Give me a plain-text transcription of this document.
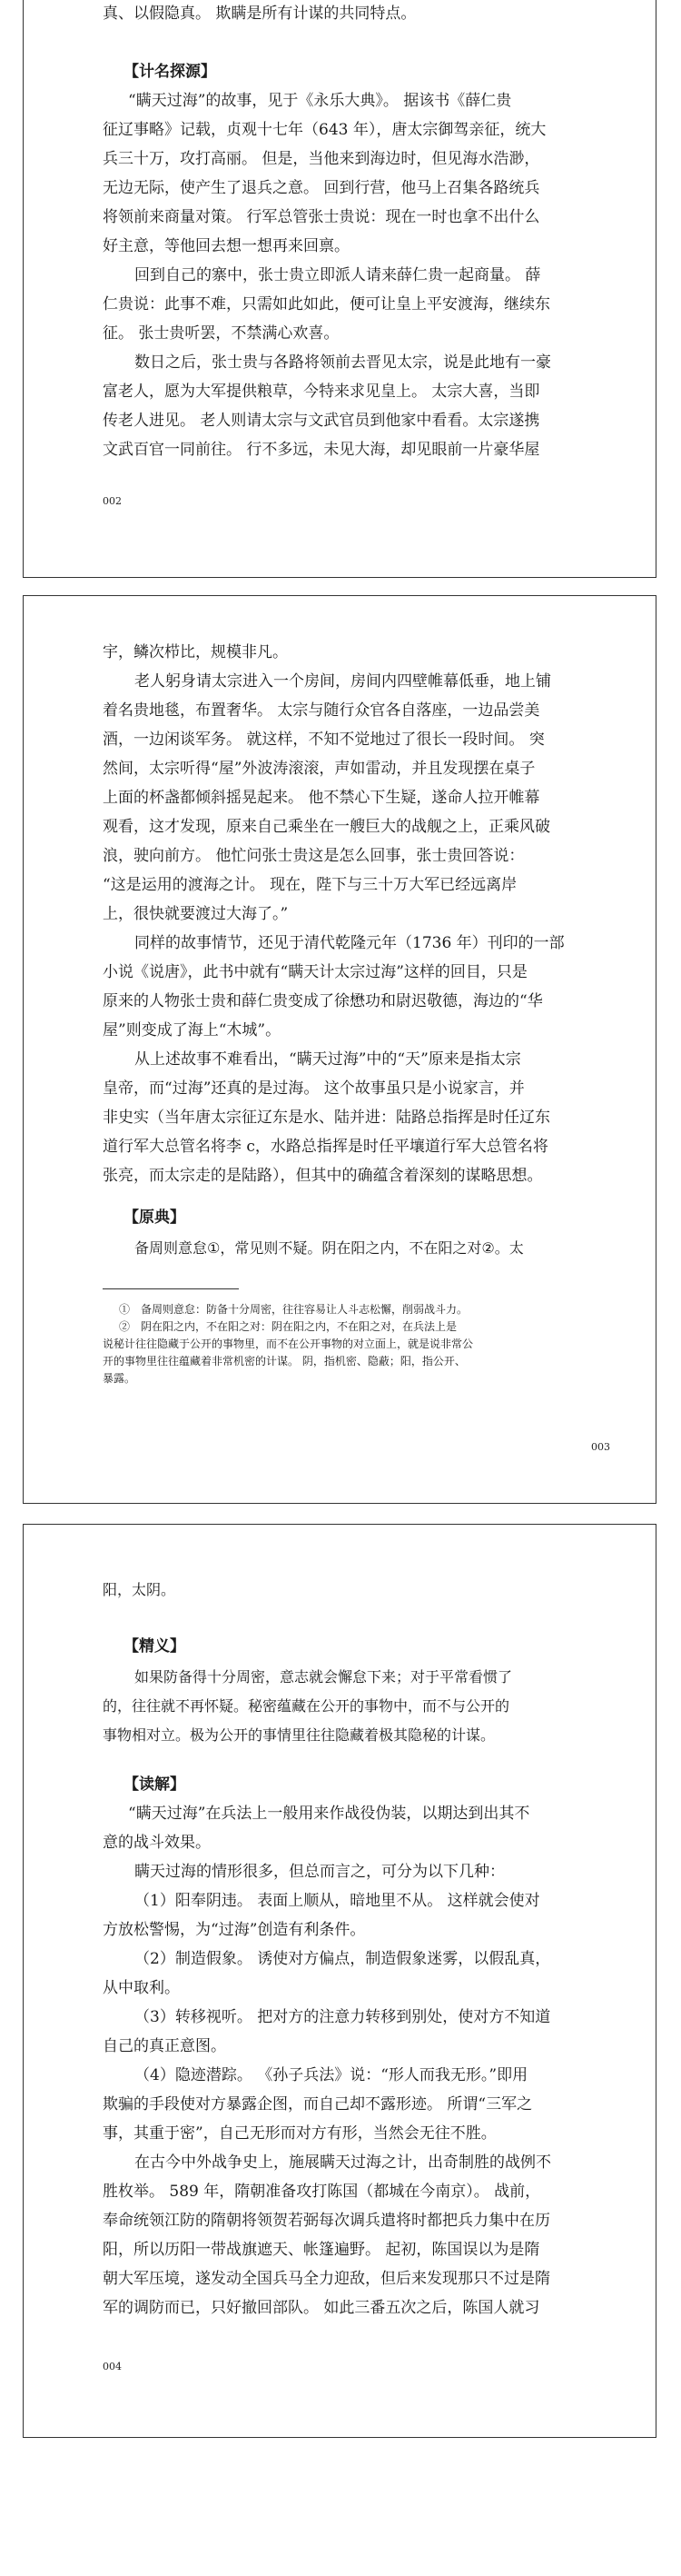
真、以假隐真。 欺瞒是所有计谋的共同特点。
【计名探源】
“瞒天过海”的故事，见于《永乐大典》。 据该书《薛仁贵
征辽事略》记载，贞观十七年（643 年），唐太宗御驾亲征，统大
兵三十万，攻打高丽。 但是，当他来到海边时，但见海水浩渺，
无边无际，使产生了退兵之意。 回到行营，他马上召集各路统兵
将领前来商量对策。 行军总管张士贵说：现在一时也拿不出什么
好主意，等他回去想一想再来回禀。
回到自己的寨中，张士贵立即派人请来薛仁贵一起商量。 薛
仁贵说：此事不难，只需如此如此，便可让皇上平安渡海，继续东
征。 张士贵听罢，不禁满心欢喜。
数日之后，张士贵与各路将领前去晋见太宗，说是此地有一豪
富老人，愿为大军提供粮草，今特来求见皇上。 太宗大喜，当即
传老人进见。 老人则请太宗与文武官员到他家中看看。太宗遂携
文武百官一同前往。 行不多远，未见大海，却见眼前一片豪华屋
002
宇，鳞次栉比，规模非凡。
老人躬身请太宗进入一个房间，房间内四壁帷幕低垂，地上铺
着名贵地毯，布置奢华。 太宗与随行众官各自落座，一边品尝美
酒，一边闲谈军务。 就这样，不知不觉地过了很长一段时间。 突
然间，太宗听得“屋”外波涛滚滚，声如雷动，并且发现摆在桌子
上面的杯盏都倾斜摇晃起来。 他不禁心下生疑，遂命人拉开帷幕
观看，这才发现，原来自己乘坐在一艘巨大的战舰之上，正乘风破
浪，驶向前方。 他忙问张士贵这是怎么回事，张士贵回答说：
“这是运用的渡海之计。 现在，陛下与三十万大军已经远离岸
上，很快就要渡过大海了。”
同样的故事情节，还见于清代乾隆元年（1736 年）刊印的一部
小说《说唐》，此书中就有“瞒天计太宗过海”这样的回目，只是
原来的人物张士贵和薛仁贵变成了徐懋功和尉迟敬德，海边的“华
屋”则变成了海上“木城”。
从上述故事不难看出，“瞒天过海”中的“天”原来是指太宗
皇帝，而“过海”还真的是过海。 这个故事虽只是小说家言，并
非史实（当年唐太宗征辽东是水、陆并进：陆路总指挥是时任辽东
道行军大总管名将李 c，水路总指挥是时任平壤道行军大总管名将
张亮，而太宗走的是陆路），但其中的确蕴含着深刻的谋略思想。
【原典】
备周则意怠①，常见则不疑。阴在阳之内，不在阳之对②。太
①　备周则意怠：防备十分周密，往往容易让人斗志松懈，削弱战斗力。
②　阴在阳之内，不在阳之对：阴在阳之内，不在阳之对，在兵法上是
说秘计往往隐藏于公开的事物里，而不在公开事物的对立面上，就是说非常公
开的事物里往往蕴藏着非常机密的计谋。 阴，指机密、隐蔽；阳，指公开、
暴露。
003
阳，太阴。
【精义】
如果防备得十分周密，意志就会懈怠下来；对于平常看惯了
的，往往就不再怀疑。秘密蕴藏在公开的事物中，而不与公开的
事物相对立。极为公开的事情里往往隐藏着极其隐秘的计谋。
【读解】
“瞒天过海”在兵法上一般用来作战役伪装，以期达到出其不
意的战斗效果。
瞒天过海的情形很多，但总而言之，可分为以下几种：
（1）阳奉阴违。 表面上顺从，暗地里不从。 这样就会使对
方放松警惕，为“过海”创造有利条件。
（2）制造假象。 诱使对方偏点，制造假象迷雾，以假乱真，
从中取利。
（3）转移视听。 把对方的注意力转移到别处，使对方不知道
自己的真正意图。
（4）隐迹潜踪。 《孙子兵法》说：“形人而我无形。”即用
欺骗的手段使对方暴露企图，而自己却不露形迹。 所谓“三军之
事，其重于密”，自己无形而对方有形，当然会无往不胜。
在古今中外战争史上，施展瞒天过海之计，出奇制胜的战例不
胜枚举。 589 年，隋朝准备攻打陈国（都城在今南京）。 战前，
奉命统领江防的隋朝将领贺若弼每次调兵遣将时都把兵力集中在历
阳，所以历阳一带战旗遮天、帐篷遍野。 起初，陈国误以为是隋
朝大军压境，遂发动全国兵马全力迎敌，但后来发现那只不过是隋
军的调防而已，只好撤回部队。 如此三番五次之后，陈国人就习
004
